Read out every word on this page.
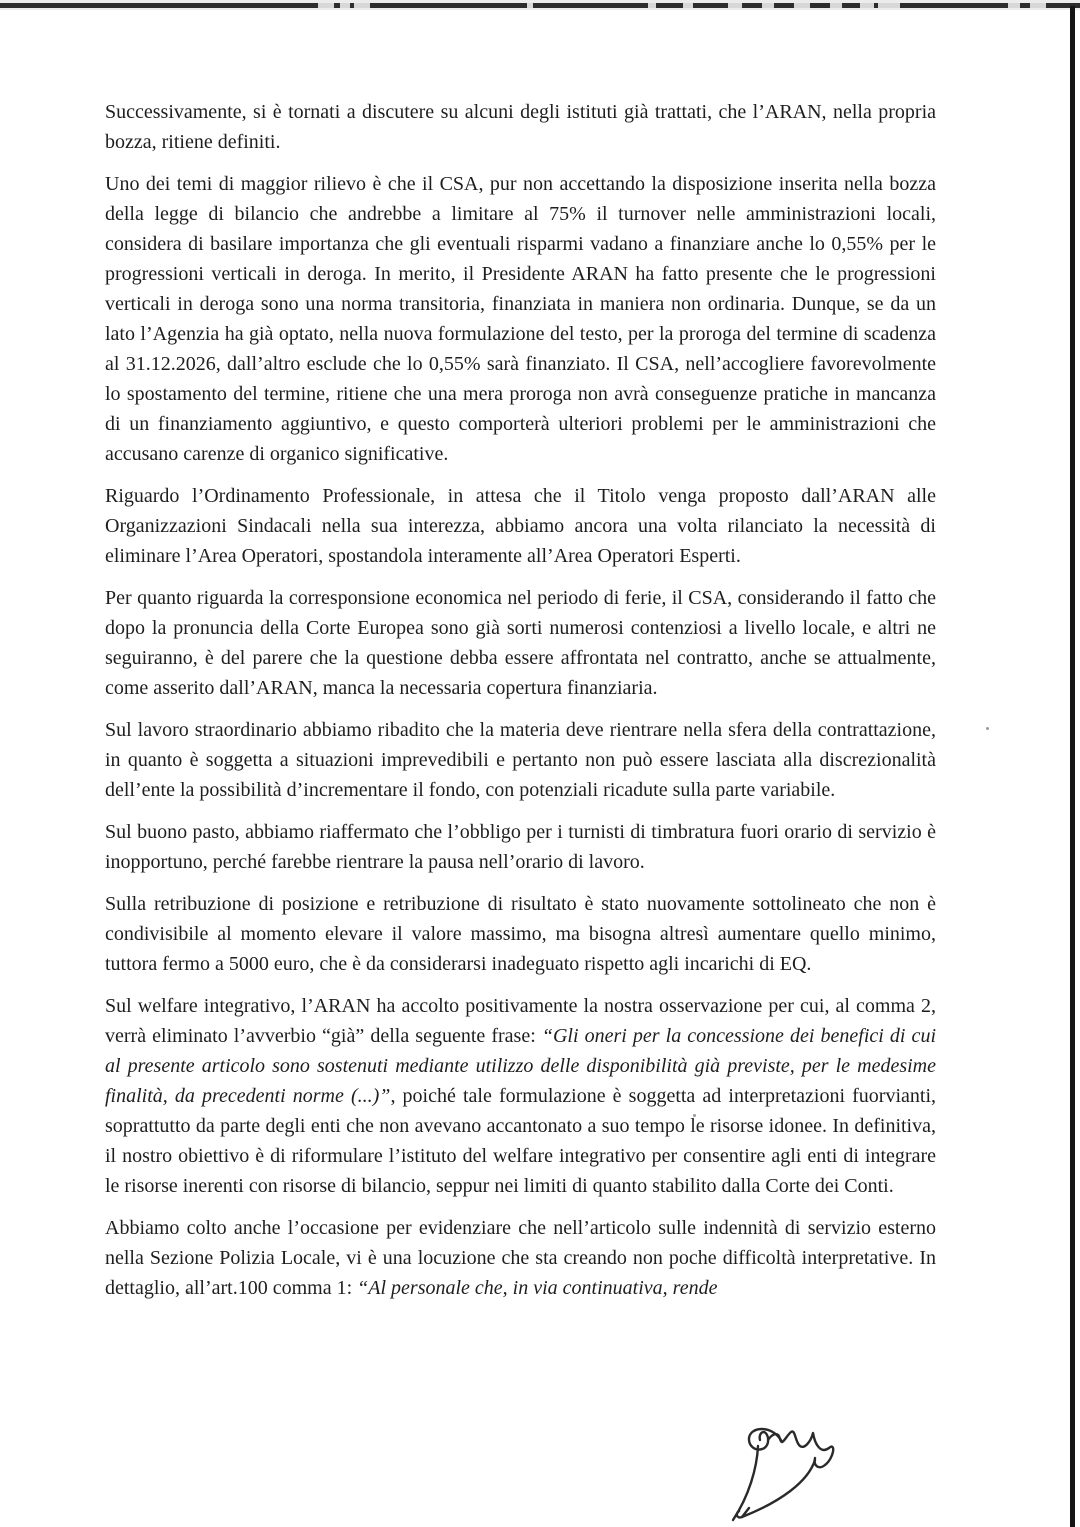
Successivamente, si è tornati a discutere su alcuni degli istituti già trattati, che l’ARAN, nella propria bozza, ritiene definiti.

Uno dei temi di maggior rilievo è che il CSA, pur non accettando la disposizione inserita nella bozza della legge di bilancio che andrebbe a limitare al 75% il turnover nelle amministrazioni locali, considera di basilare importanza che gli eventuali risparmi vadano a finanziare anche lo 0,55% per le progressioni verticali in deroga. In merito, il Presidente ARAN ha fatto presente che le progressioni verticali in deroga sono una norma transitoria, finanziata in maniera non ordinaria. Dunque, se da un lato l’Agenzia ha già optato, nella nuova formulazione del testo, per la proroga del termine di scadenza al 31.12.2026, dall’altro esclude che lo 0,55% sarà finanziato. Il CSA, nell’accogliere favorevolmente lo spostamento del termine, ritiene che una mera proroga non avrà conseguenze pratiche in mancanza di un finanziamento aggiuntivo, e questo comporterà ulteriori problemi per le amministrazioni che accusano carenze di organico significative.

Riguardo l’Ordinamento Professionale, in attesa che il Titolo venga proposto dall’ARAN alle Organizzazioni Sindacali nella sua interezza, abbiamo ancora una volta rilanciato la necessità di eliminare l’Area Operatori, spostandola interamente all’Area Operatori Esperti.

Per quanto riguarda la corresponsione economica nel periodo di ferie, il CSA, considerando il fatto che dopo la pronuncia della Corte Europea sono già sorti numerosi contenziosi a livello locale, e altri ne seguiranno, è del parere che la questione debba essere affrontata nel contratto, anche se attualmente, come asserito dall’ARAN, manca la necessaria copertura finanziaria.

Sul lavoro straordinario abbiamo ribadito che la materia deve rientrare nella sfera della contrattazione, in quanto è soggetta a situazioni imprevedibili e pertanto non può essere lasciata alla discrezionalità dell’ente la possibilità d’incrementare il fondo, con potenziali ricadute sulla parte variabile.

Sul buono pasto, abbiamo riaffermato che l’obbligo per i turnisti di timbratura fuori orario di servizio è inopportuno, perché farebbe rientrare la pausa nell’orario di lavoro.

Sulla retribuzione di posizione e retribuzione di risultato è stato nuovamente sottolineato che non è condivisibile al momento elevare il valore massimo, ma bisogna altresì aumentare quello minimo, tuttora fermo a 5000 euro, che è da considerarsi inadeguato rispetto agli incarichi di EQ.

Sul welfare integrativo, l’ARAN ha accolto positivamente la nostra osservazione per cui, al comma 2, verrà eliminato l’avverbio “già” della seguente frase: “Gli oneri per la concessione dei benefici di cui al presente articolo sono sostenuti mediante utilizzo delle disponibilità già previste, per le medesime finalità, da precedenti norme (...)”, poiché tale formulazione è soggetta ad interpretazioni fuorvianti, soprattutto da parte degli enti che non avevano accantonato a suo tempo le risorse idonee. In definitiva, il nostro obiettivo è di riformulare l’istituto del welfare integrativo per consentire agli enti di integrare le risorse inerenti con risorse di bilancio, seppur nei limiti di quanto stabilito dalla Corte dei Conti.

Abbiamo colto anche l’occasione per evidenziare che nell’articolo sulle indennità di servizio esterno nella Sezione Polizia Locale, vi è una locuzione che sta creando non poche difficoltà interpretative. In dettaglio, all’art.100 comma 1: “Al personale che, in via continuativa, rende
